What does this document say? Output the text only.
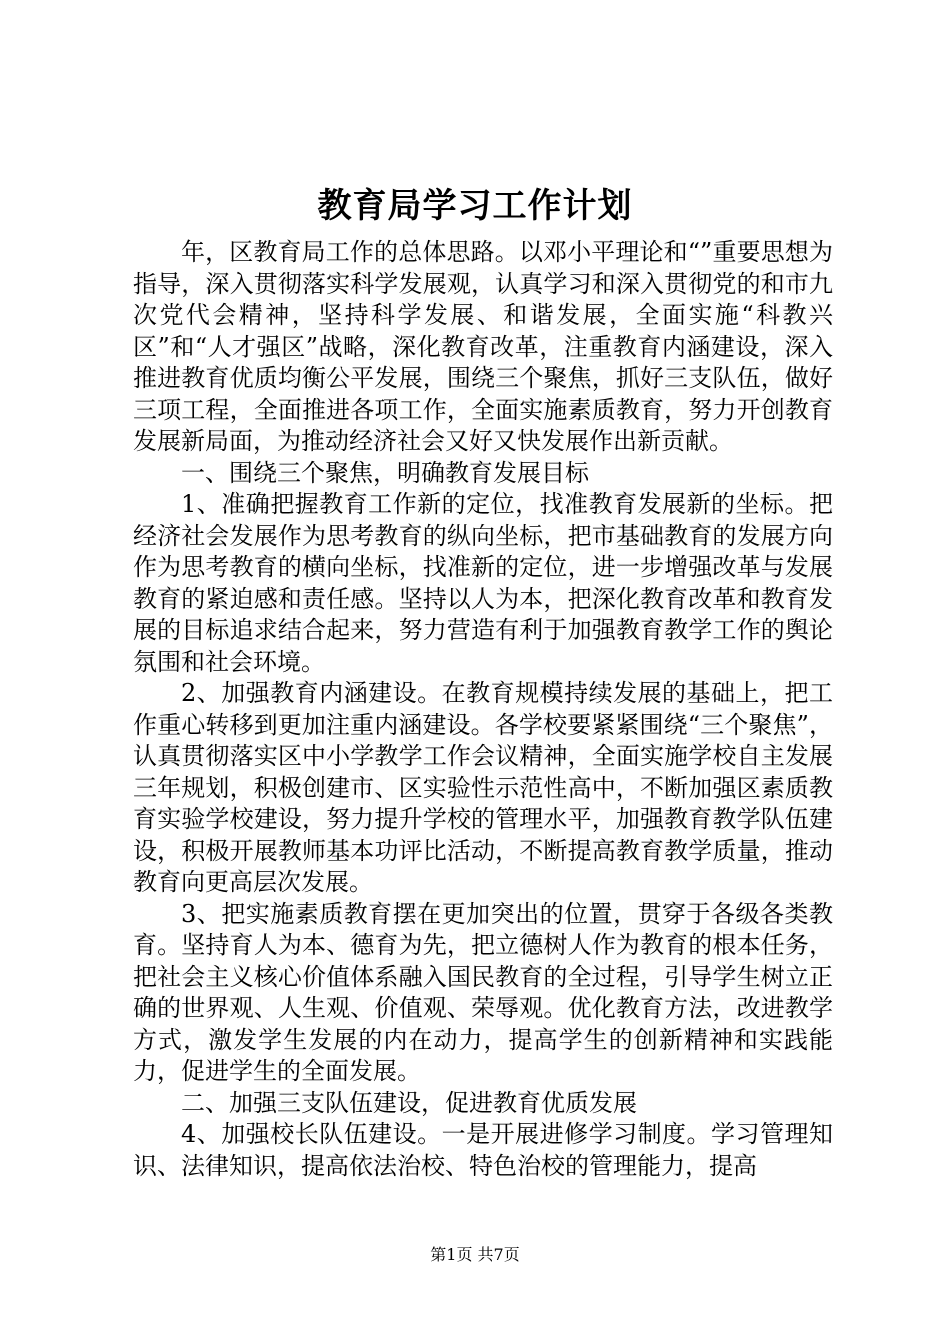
教育局学习工作计划

年，区教育局工作的总体思路。以邓小平理论和“”重要思想为指导，深入贯彻落实科学发展观，认真学习和深入贯彻党的和市九次党代会精神，坚持科学发展、和谐发展，全面实施“科教兴区”和“人才强区”战略，深化教育改革，注重教育内涵建设，深入推进教育优质均衡公平发展，围绕三个聚焦，抓好三支队伍，做好三项工程，全面推进各项工作，全面实施素质教育，努力开创教育发展新局面，为推动经济社会又好又快发展作出新贡献。

一、围绕三个聚焦，明确教育发展目标

1、准确把握教育工作新的定位，找准教育发展新的坐标。把经济社会发展作为思考教育的纵向坐标，把市基础教育的发展方向作为思考教育的横向坐标，找准新的定位，进一步增强改革与发展教育的紧迫感和责任感。坚持以人为本，把深化教育改革和教育发展的目标追求结合起来，努力营造有利于加强教育教学工作的舆论氛围和社会环境。

2、加强教育内涵建设。在教育规模持续发展的基础上，把工作重心转移到更加注重内涵建设。各学校要紧紧围绕“三个聚焦”，认真贯彻落实区中小学教学工作会议精神，全面实施学校自主发展三年规划，积极创建市、区实验性示范性高中，不断加强区素质教育实验学校建设，努力提升学校的管理水平，加强教育教学队伍建设，积极开展教师基本功评比活动，不断提高教育教学质量，推动教育向更高层次发展。

3、把实施素质教育摆在更加突出的位置，贯穿于各级各类教育。坚持育人为本、德育为先，把立德树人作为教育的根本任务，把社会主义核心价值体系融入国民教育的全过程，引导学生树立正确的世界观、人生观、价值观、荣辱观。优化教育方法，改进教学方式，激发学生发展的内在动力，提高学生的创新精神和实践能力，促进学生的全面发展。

二、加强三支队伍建设，促进教育优质发展

4、加强校长队伍建设。一是开展进修学习制度。学习管理知识、法律知识，提高依法治校、特色治校的管理能力，提高

第1页 共7页
